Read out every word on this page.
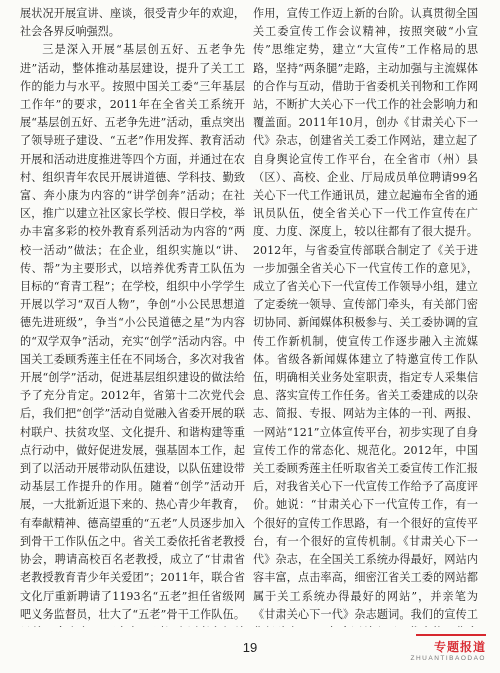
展状况开展宣讲、座谈，很受青少年的欢迎，社会各界反响强烈。

三是深入开展“基层创五好、五老争先进”活动，整体推动基层建设，提升了关工工作的能力与水平。按照中国关工委“三年基层工作年”的要求，2011年在全省关工系统开展“基层创五好、五老争先进”活动，重点突出了领导班子建设、“五老”作用发挥、教育活动开展和活动进度推进等四个方面，并通过在农村、组织青年农民开展讲道德、学科技、勤致富、奔小康为内容的“讲学创奔”活动；在社区，推广以建立社区家长学校、假日学校，举办丰富多彩的校外教育系列活动为内容的“两校一活动”做法；在企业，组织实施以“讲、传、帮”为主要形式，以培养优秀青工队伍为目标的“育青工程”；在学校，组织中小学学生开展以学习“双百人物”，争创“小公民思想道德先进班级”，争当“小公民道德之星”为内容的“双学双争”活动，充实“创学”活动内容。中国关工委顾秀莲主任在不同场合，多次对我省开展“创学”活动，促进基层组织建设的做法给予了充分肯定。2012年，省第十二次党代会后，我们把“创学”活动自觉融入省委开展的联村联户、扶贫攻坚、文化提升、和谐构建等重点行动中，做好促进发展，强基固本工作，起到了以活动开展带动队伍建设，以队伍建设带动基层工作提升的作用。随着“创学”活动开展，一大批新近退下来的、热心青少年教育，有奉献精神、德高望重的“五老”人员逐步加入到骨干工作队伍之中。省关工委依托省老教授协会，聘请高校百名老教授，成立了“甘肃省老教授教育青少年关爱团”；2011年，联合省文化厅重新聘请了1193名“五老”担任省级网吧义务监督员，壮大了“五老”骨干工作队伍。

作用，宣传工作迈上新的台阶。认真贯彻全国关工委宣传工作会议精神，按照突破“小宣传”思维定势，建立“大宣传”工作格局的思路，坚持“两条腿”走路，主动加强与主流媒体的合作与互动，借助于省委机关刊物和工作网站，不断扩大关心下一代工作的社会影响力和覆盖面。2011年10月，创办《甘肃关心下一代》杂志，创建省关工委工作网站，建立起了自身舆论宣传工作平台，在全省市（州）县（区）、高校、企业、厅局成员单位聘请99名关心下一代工作通讯员，建立起遍布全省的通讯员队伍，使全省关心下一代工作宣传在广度、力度、深度上，较以往都有了很大提升。2012年，与省委宣传部联合制定了《关于进一步加强全省关心下一代宣传工作的意见》，成立了省关心下一代宣传工作领导小组，建立了定委统一领导、宣传部门牵头，有关部门密切协同、新闻媒体积极参与、关工委协调的宣传工作新机制，使宣传工作逐步融入主流媒体。省级各新闻媒体建立了特邀宣传工作队伍，明确相关业务处室职责，指定专人采集信息、落实宣传工作任务。省关工委建成的以杂志、简报、专报、网站为主体的一刊、两报、一网站“121”立体宣传平台，初步实现了自身宣传工作的常态化、规范化。2012年，中国关工委顾秀莲主任听取省关工委宣传工作汇报后，对我省关心下一代宣传工作给予了高度评价。她说：“甘肃关心下一代宣传工作，有一个很好的宣传工作思路，有一个很好的宣传平台，有一个很好的宣传机制。《甘肃关心下一代》杂志，在全国关工系统办得最好，网站内容丰富，点击率高，细密江省关工委的网站都属于关工系统办得最好的网站”，并亲笔为《甘肃关心下一代》杂志题词。我们的宣传工

19	专题报道
ZHUANTIBAODAO
